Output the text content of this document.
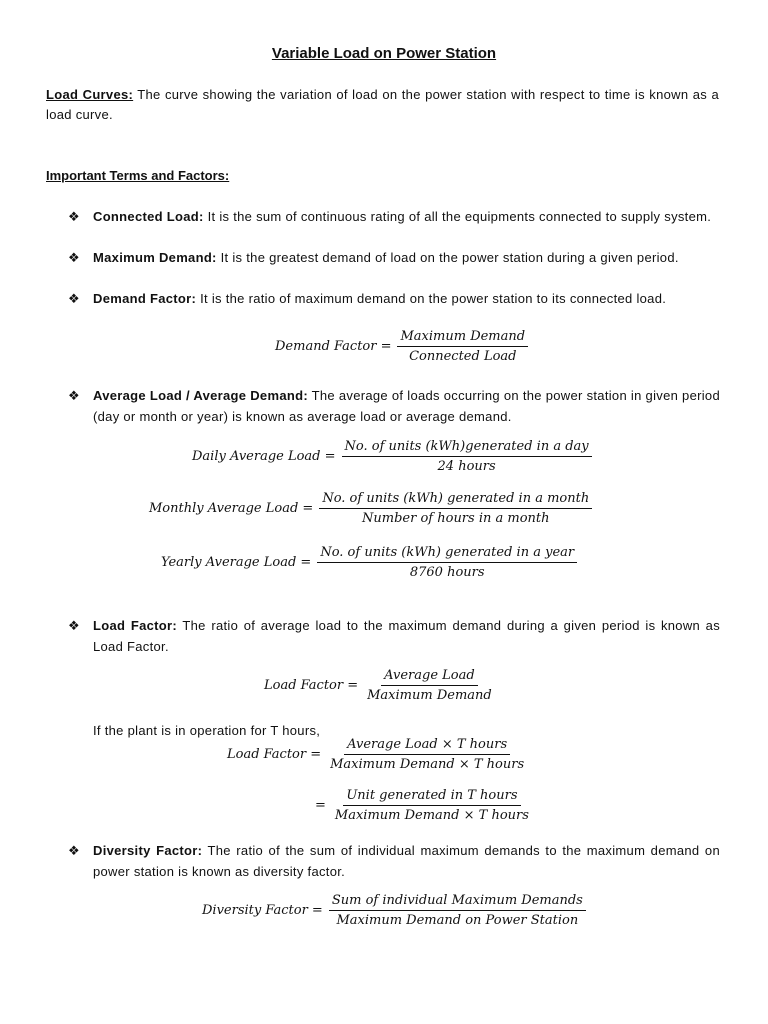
Variable Load on Power Station
Load Curves: The curve showing the variation of load on the power station with respect to time is known as a load curve.
Important Terms and Factors:
❖ Connected Load: It is the sum of continuous rating of all the equipments connected to supply system.
❖ Maximum Demand: It is the greatest demand of load on the power station during a given period.
❖ Demand Factor: It is the ratio of maximum demand on the power station to its connected load.
Demand Factor = $\frac{\text{Maximum Demand}}{\text{Connected Load}}$
❖ Average Load / Average Demand: The average of loads occurring on the power station in given period (day or month or year) is known as average load or average demand.
Daily Average Load = $\frac{\text{No. of units (kWh)generated in a day}}{\text{24 hours}}$
Monthly Average Load = $\frac{\text{No. of units (kWh) generated in a month}}{\text{Number of hours in a month}}$
Yearly Average Load = $\frac{\text{No. of units (kWh) generated in a year}}{\text{8760 hours}}$
❖ Load Factor: The ratio of average load to the maximum demand during a given period is known as Load Factor.
Load Factor = $\frac{\text{Average Load}}{\text{Maximum Demand}}$
If the plant is in operation for T hours,
Load Factor = $\frac{\text{Average Load × T hours}}{\text{Maximum Demand × T hours}}$
= $\frac{\text{Unit generated in T hours}}{\text{Maximum Demand × T hours}}$
❖ Diversity Factor: The ratio of the sum of individual maximum demands to the maximum demand on power station is known as diversity factor.
Diversity Factor = $\frac{\text{Sum of individual Maximum Demands}}{\text{Maximum Demand on Power Station}}$
